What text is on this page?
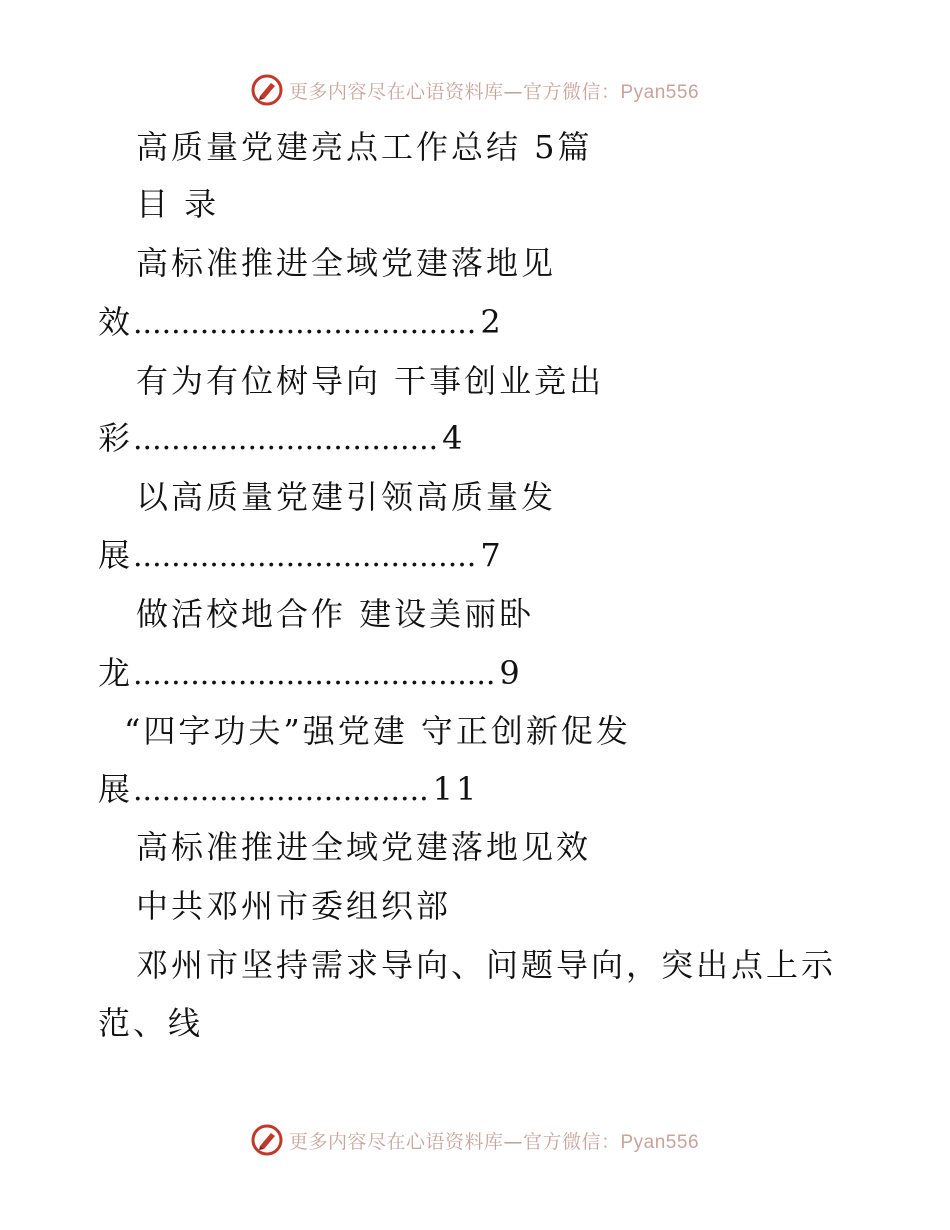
更多内容尽在心语资料库—官方微信：Pyan556
高质量党建亮点工作总结 5篇
目 录
高标准推进全域党建落地见
效 .................................... 2
有为有位树导向 干事创业竞出
彩 ................................ 4
以高质量党建引领高质量发
展 .................................... 7
做活校地合作 建设美丽卧
龙 ...................................... 9
“四字功夫”强党建 守正创新促发
展 ............................... 11
高标准推进全域党建落地见效
中共邓州市委组织部
邓州市坚持需求导向、问题导向，突出点上示
范、线
更多内容尽在心语资料库—官方微信：Pyan556
